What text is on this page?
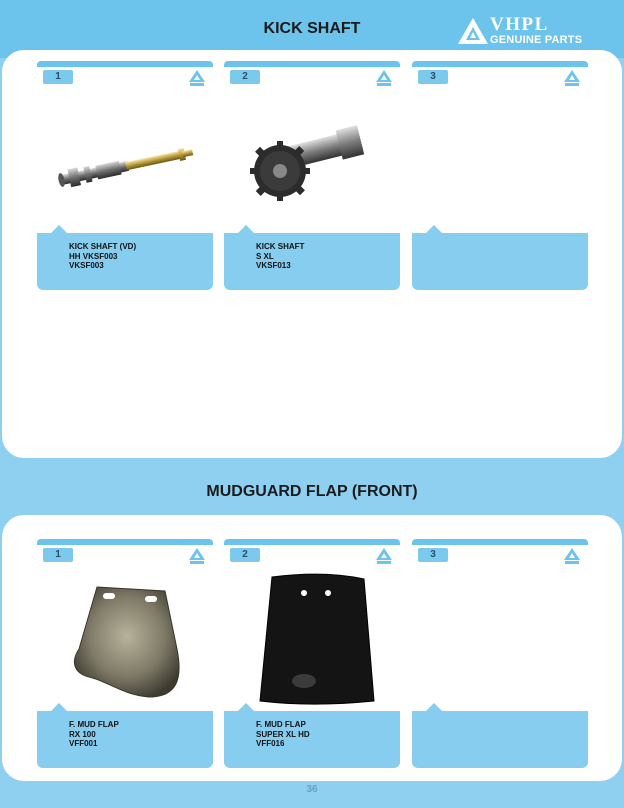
KICK SHAFT	VHPL
GENUINE PARTS
1
KICK SHAFT (VD)
HH VKSF003
VKSF003
2
KICK SHAFT
S XL
VKSF013
3
MUDGUARD FLAP (FRONT)
1
F. MUD FLAP
RX 100
VFF001
2
F. MUD FLAP
SUPER XL HD
VFF016
3
36
